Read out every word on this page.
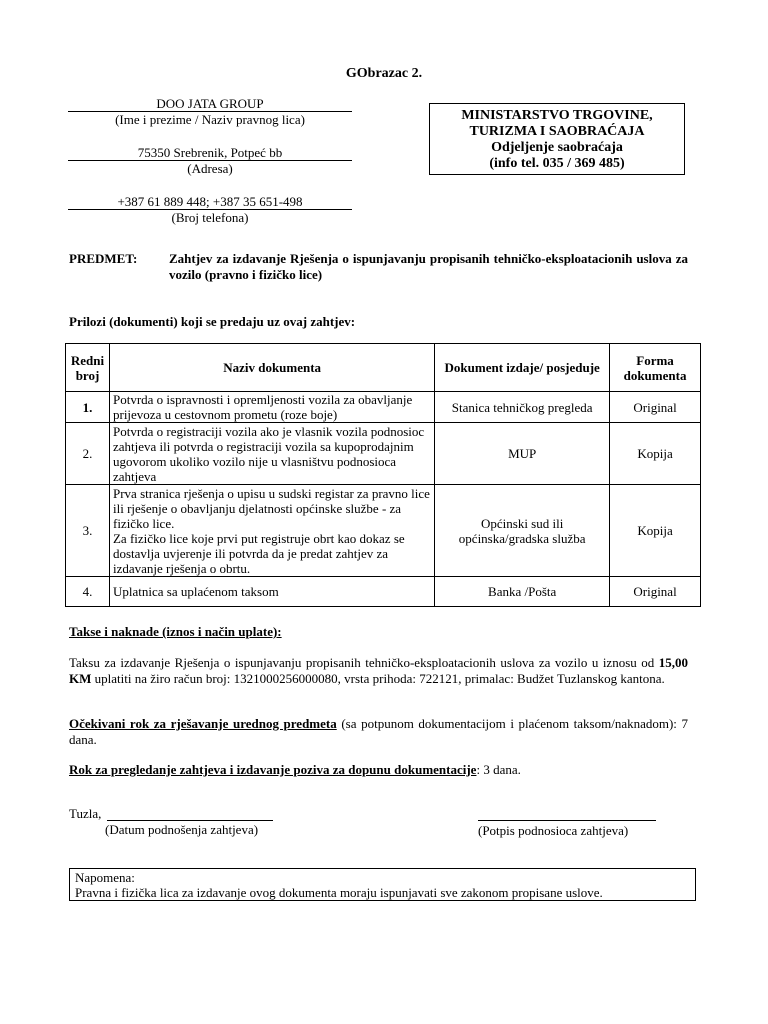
GObrazac 2.
DOO JATA GROUP
(Ime i prezime / Naziv pravnog lica)
75350 Srebrenik, Potpeć bb
(Adresa)
+387 61 889 448; +387 35 651-498
(Broj telefona)
MINISTARSTVO TRGOVINE,
TURIZMA I SAOBRAĆAJA
Odjeljenje saobraćaja
(info tel. 035 / 369 485)
PREDMET: Zahtjev za izdavanje Rješenja o ispunjavanju propisanih tehničko-eksploatacionih uslova za vozilo (pravno i fizičko lice)
Prilozi (dokumenti) koji se predaju uz ovaj zahtjev:
Redni broj	Naziv dokumenta	Dokument izdaje/ posjeduje	Forma dokumenta
1.	Potvrda o ispravnosti i opremljenosti vozila za obavljanje prijevoza u cestovnom prometu (roze boje)	Stanica tehničkog pregleda	Original
2.	Potvrda o registraciji vozila ako je vlasnik vozila podnosioc zahtjeva ili potvrda o registraciji vozila sa kupoprodajnim ugovorom ukoliko vozilo nije u vlasništvu podnosioca zahtjeva	MUP	Kopija
3.	Prva stranica rješenja o upisu u sudski registar za pravno lice ili rješenje o obavljanju djelatnosti općinske službe - za fizičko lice.
Za fizičko lice koje prvi put registruje obrt kao dokaz se dostavlja uvjerenje ili potvrda da je predat zahtjev za izdavanje rješenja o obrtu.	Općinski sud ili općinska/gradska služba	Kopija
4.	Uplatnica sa uplaćenom taksom	Banka /Pošta	Original
Takse i naknade (iznos i način uplate):
Taksu za izdavanje Rješenja o ispunjavanju propisanih tehničko-eksploatacionih uslova za vozilo u iznosu od 15,00 KM uplatiti na žiro račun broj: 1321000256000080, vrsta prihoda: 722121, primalac: Budžet Tuzlanskog kantona.
Očekivani rok za rješavanje urednog predmeta (sa potpunom dokumentacijom i plaćenom taksom/naknadom): 7 dana.
Rok za pregledanje zahtjeva i izdavanje poziva za dopunu dokumentacije: 3 dana.
Tuzla,
(Datum podnošenja zahtjeva)	(Potpis podnosioca zahtjeva)
Napomena:
Pravna i fizička lica za izdavanje ovog dokumenta moraju ispunjavati sve zakonom propisane uslove.
